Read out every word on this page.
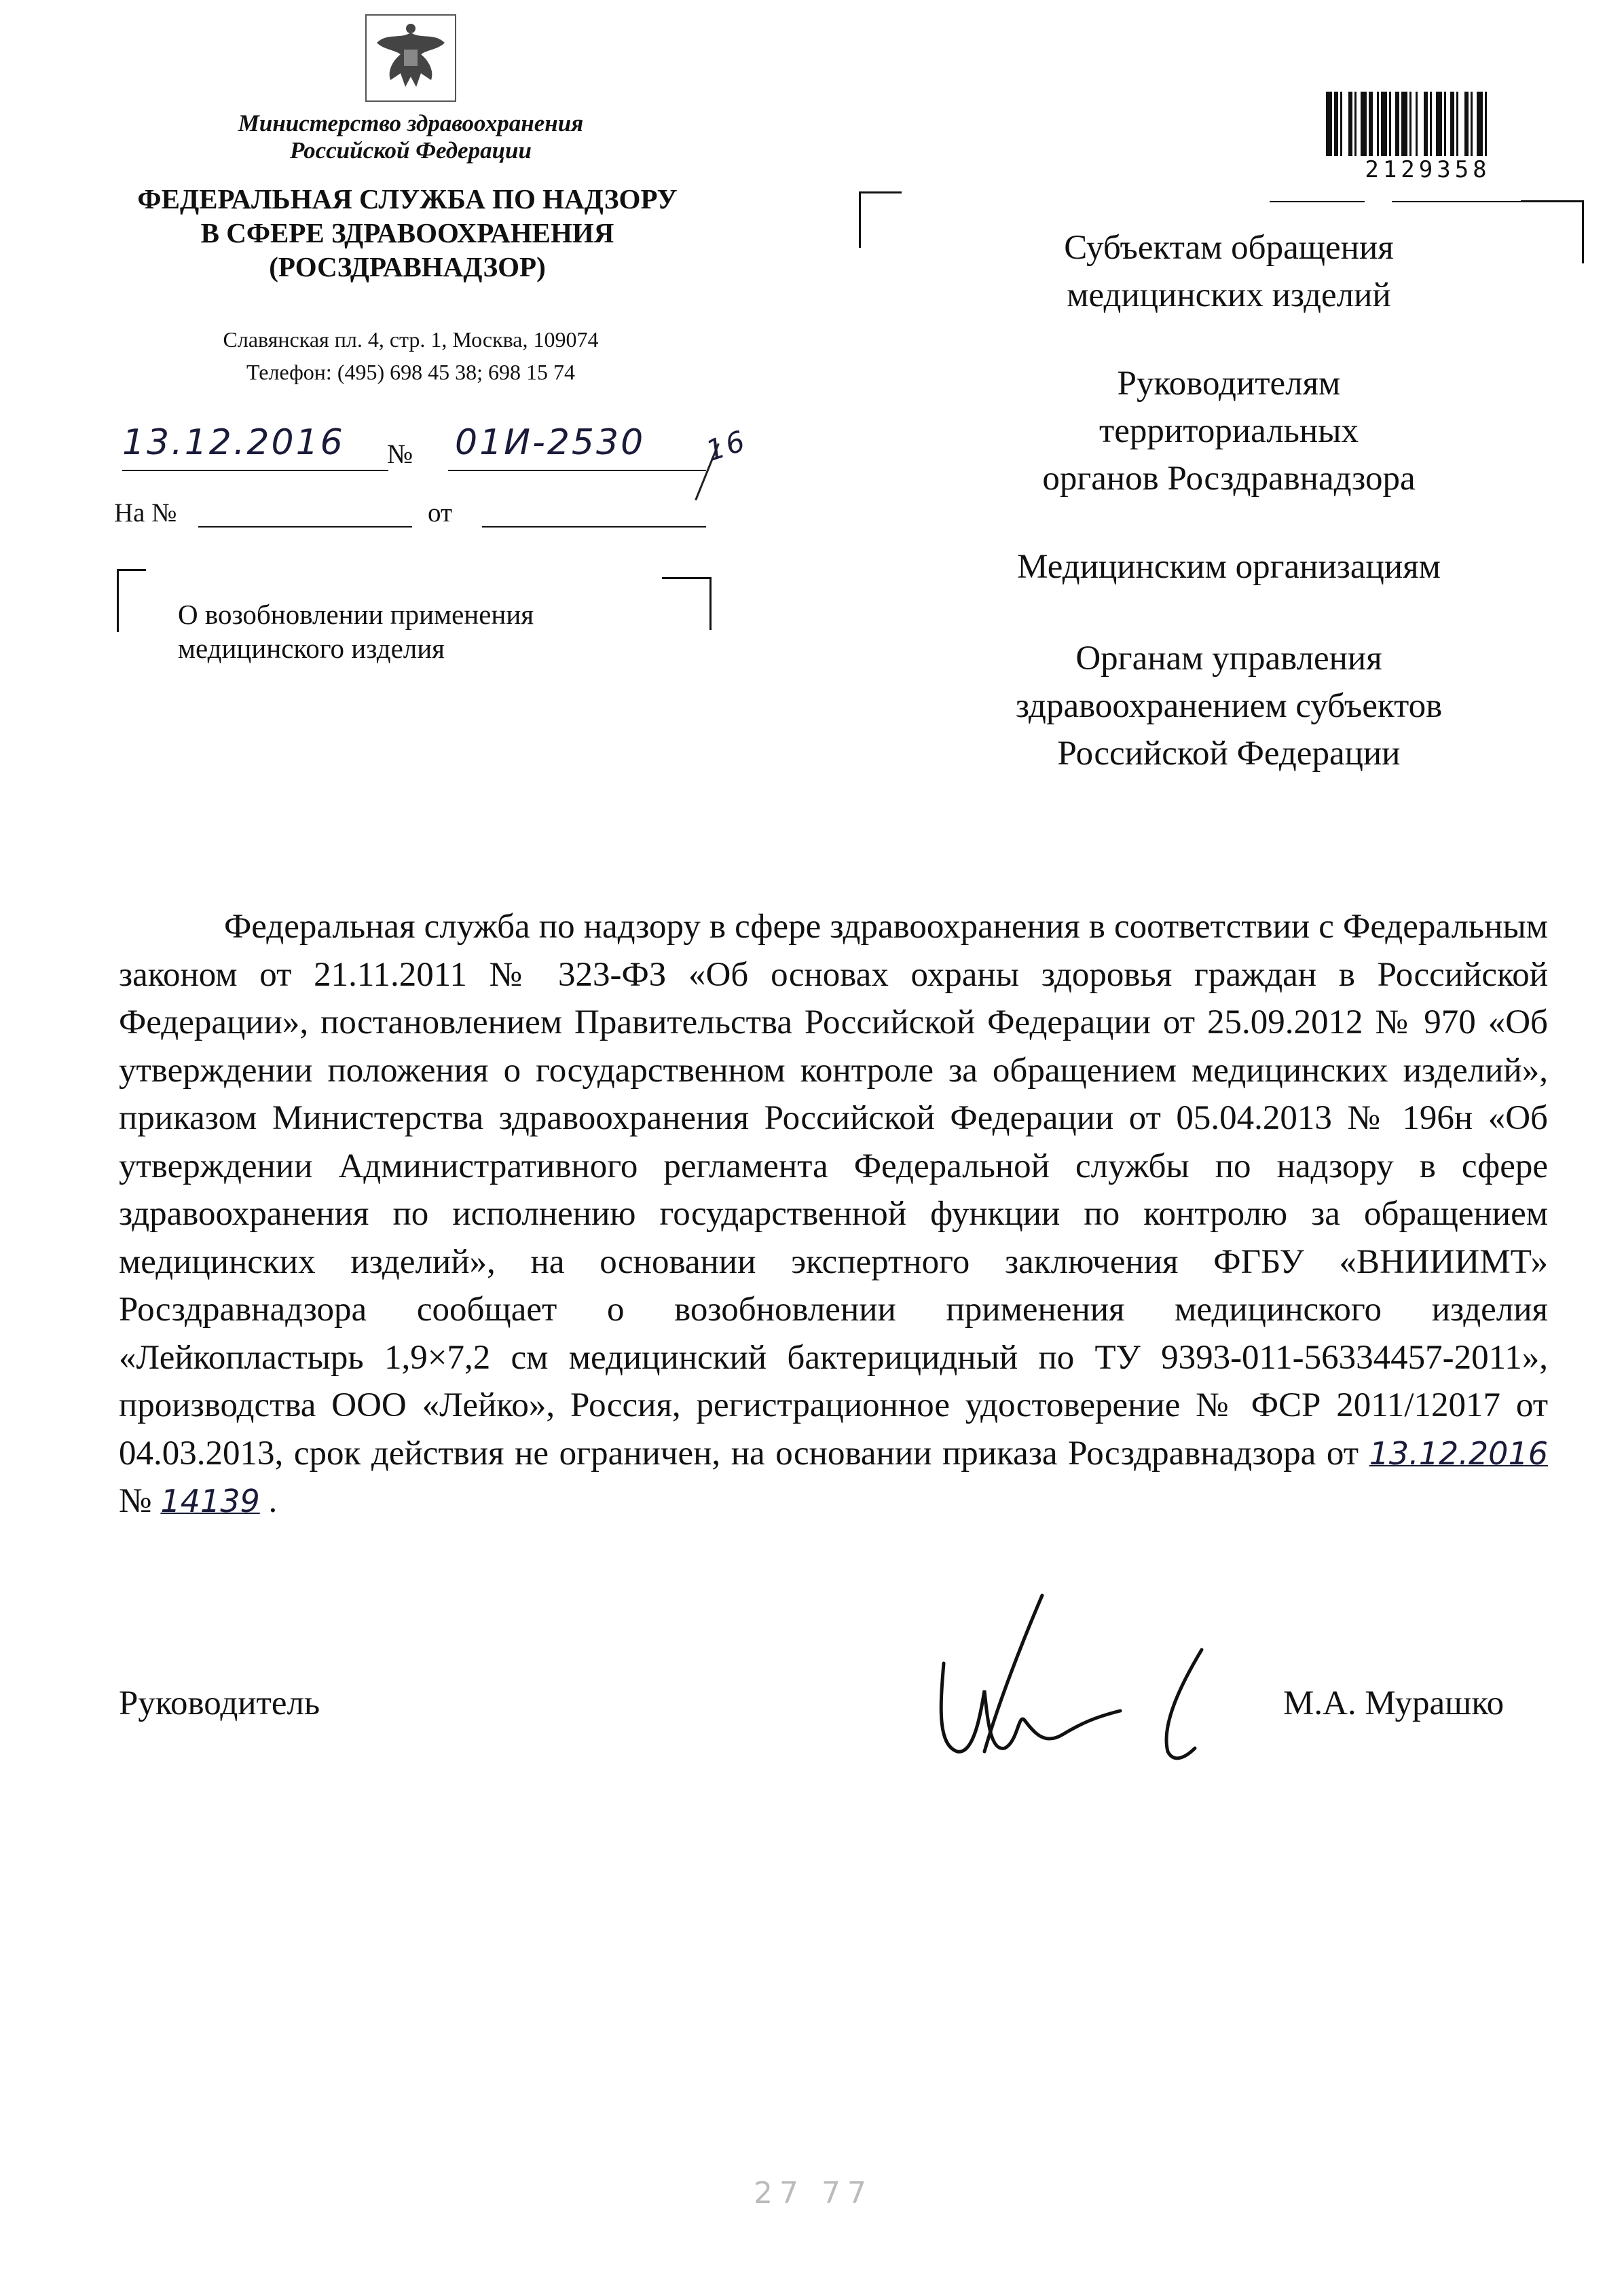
Министерство здравоохранения
Российской Федерации
ФЕДЕРАЛЬНАЯ СЛУЖБА ПО НАДЗОРУ
В СФЕРЕ ЗДРАВООХРАНЕНИЯ
(РОСЗДРАВНАДЗОР)
Славянская пл. 4, стр. 1, Москва, 109074
Телефон: (495) 698 45 38; 698 15 74
13.12.2016 № 01И-2530 16
На №	от
О возобновлении применения
медицинского изделия
2129358
Субъектам обращения
медицинских изделий
Руководителям
территориальных
органов Росздравнадзора
Медицинским организациям
Органам управления
здравоохранением субъектов
Российской Федерации

Федеральная служба по надзору в сфере здравоохранения в соответствии с Федеральным законом от 21.11.2011 № 323-ФЗ «Об основах охраны здоровья граждан в Российской Федерации», постановлением Правительства Российской Федерации от 25.09.2012 № 970 «Об утверждении положения о государственном контроле за обращением медицинских изделий», приказом Министерства здравоохранения Российской Федерации от 05.04.2013 № 196н «Об утверждении Административного регламента Федеральной службы по надзору в сфере здравоохранения по исполнению государственной функции по контролю за обращением медицинских изделий», на основании экспертного заключения ФГБУ «ВНИИИМТ» Росздравнадзора сообщает о возобновлении применения медицинского изделия «Лейкопластырь 1,9×7,2 см медицинский бактерицидный по ТУ 9393-011-56334457-2011», производства ООО «Лейко», Россия, регистрационное удостоверение № ФСР 2011/12017 от 04.03.2013, срок действия не ограничен, на основании приказа Росздравнадзора от 13.12.2016 № 14139 .

Руководитель	М.А. Мурашко
27 77
